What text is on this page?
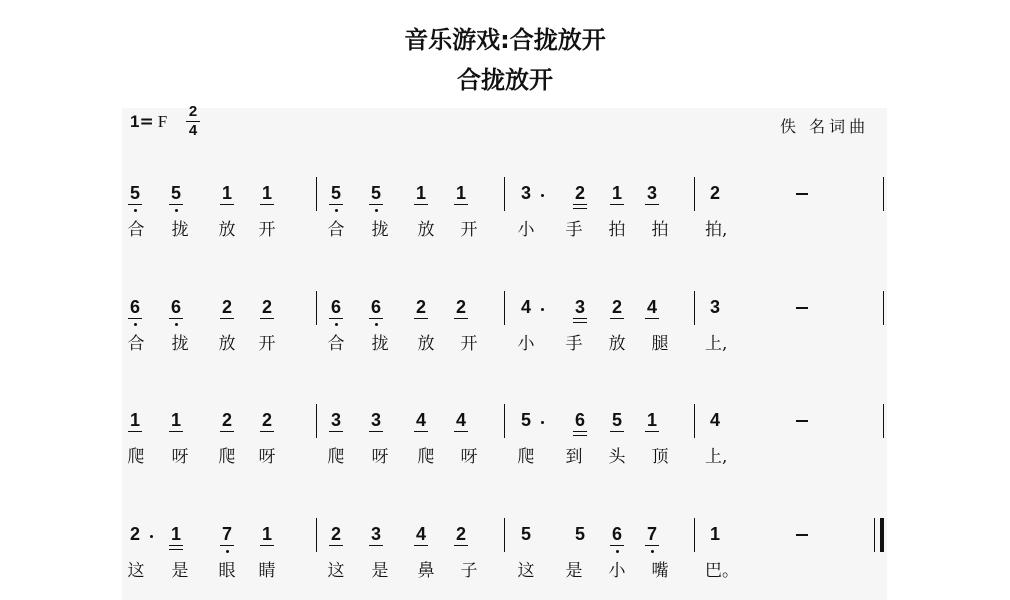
音乐游戏:合拢放开
合拢放开
1= F
2
4	佚 名词曲
5 5 1 1	5 5 1 1	3 2 1 3	2
合 拢 放 开	合 拢 放 开 小 手 拍 拍 拍,
6 6 2 2	6 6 2 2	4 3 2 4	3
合 拢 放 开	合 拢 放 开 小 手 放 腿 上,
1 1 2 2	3 3 4 4	5 6 5 1	4
爬 呀 爬 呀	爬 呀 爬 呀 爬 到 头 顶 上,
2 1 7 1	2 3 4 2	5 5 6 7	1
这 是 眼 睛	这 是 鼻 子 这 是 小 嘴 巴。
